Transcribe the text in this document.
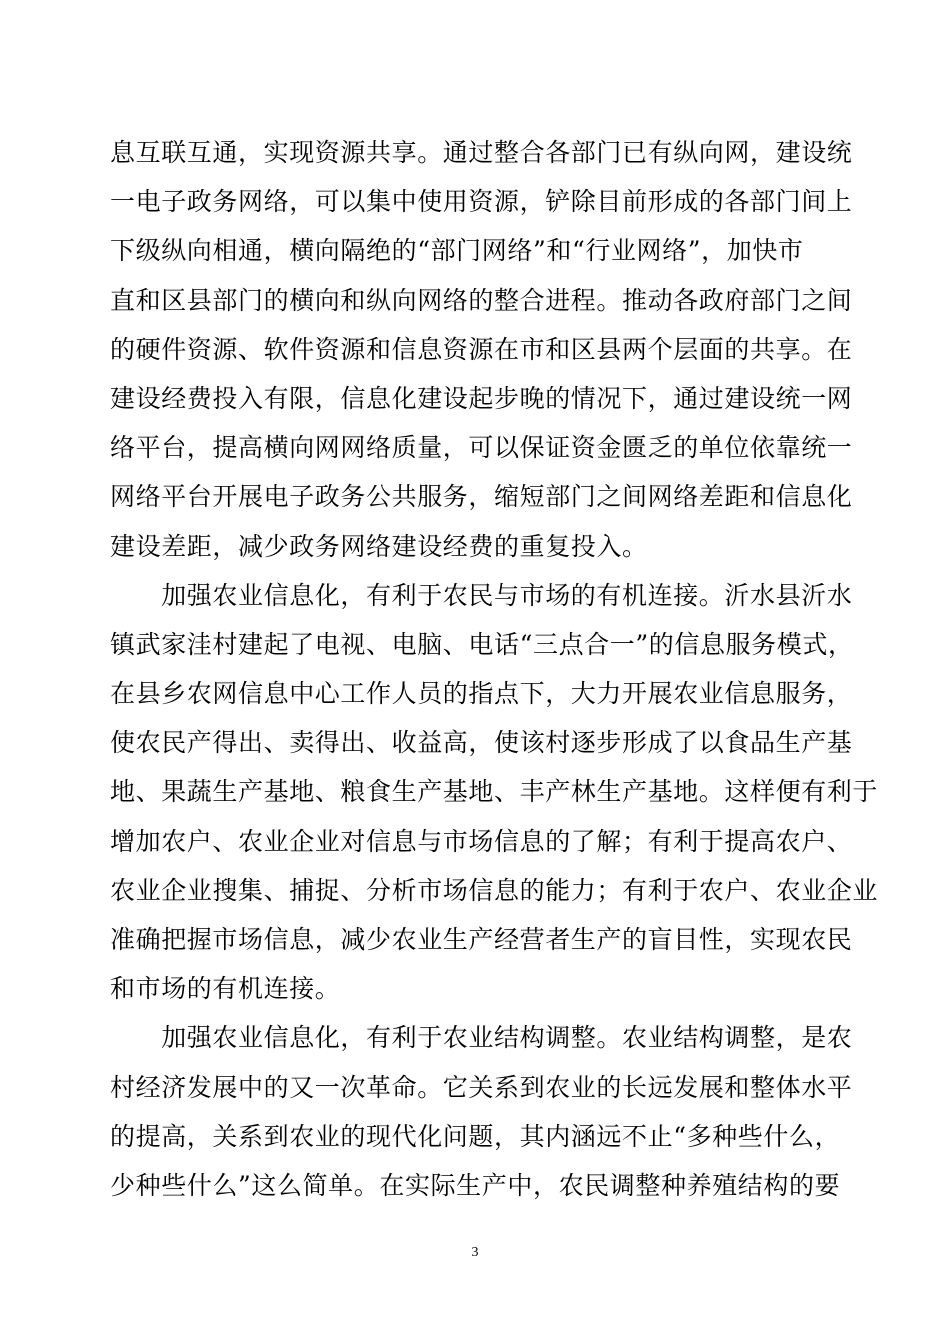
息互联互通，实现资源共享。通过整合各部门已有纵向网，建设统
一电子政务网络，可以集中使用资源，铲除目前形成的各部门间上
下级纵向相通，横向隔绝的“部门网络”和“行业网络”，加快市
直和区县部门的横向和纵向网络的整合进程。推动各政府部门之间
的硬件资源、软件资源和信息资源在市和区县两个层面的共享。在
建设经费投入有限，信息化建设起步晚的情况下，通过建设统一网
络平台，提高横向网网络质量，可以保证资金匮乏的单位依靠统一
网络平台开展电子政务公共服务，缩短部门之间网络差距和信息化
建设差距，减少政务网络建设经费的重复投入。
　　加强农业信息化，有利于农民与市场的有机连接。沂水县沂水
镇武家洼村建起了电视、电脑、电话“三点合一”的信息服务模式，
在县乡农网信息中心工作人员的指点下，大力开展农业信息服务，
使农民产得出、卖得出、收益高，使该村逐步形成了以食品生产基
地、果蔬生产基地、粮食生产基地、丰产林生产基地。这样便有利于
增加农户、农业企业对信息与市场信息的了解；有利于提高农户、
农业企业搜集、捕捉、分析市场信息的能力；有利于农户、农业企业
准确把握市场信息，减少农业生产经营者生产的盲目性，实现农民
和市场的有机连接。
　　加强农业信息化，有利于农业结构调整。农业结构调整，是农
村经济发展中的又一次革命。它关系到农业的长远发展和整体水平
的提高，关系到农业的现代化问题，其内涵远不止“多种些什么，
少种些什么”这么简单。在实际生产中，农民调整种养殖结构的要
3
